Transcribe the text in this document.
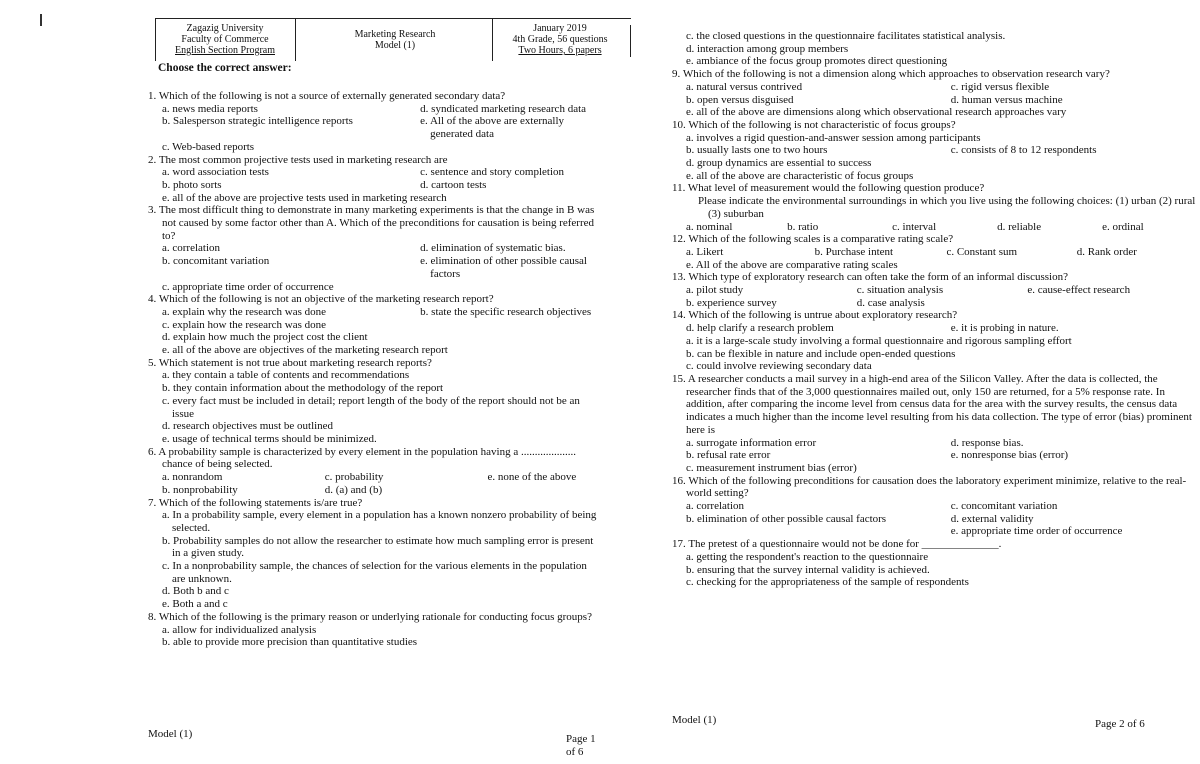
Zagazig University
Faculty of Commerce
English Section Program
Marketing Research
Model (1)
January 2019
4th Grade, 56 questions
Two Hours, 6 papers
Choose the correct answer:
1. Which of the following is not a source of externally generated secondary data?
a. news media reports	d. syndicated marketing research data
b. Salesperson strategic intelligence reports	e. All of the above are externally generated data
c. Web-based reports
2. The most common projective tests used in marketing research are
a. word association tests	c. sentence and story completion
b. photo sorts	d. cartoon tests
e. all of the above are projective tests used in marketing research
3. The most difficult thing to demonstrate in many marketing experiments is that the change in B was not caused by some factor other than A. Which of the preconditions for causation is being referred to?
a. correlation	d. elimination of systematic bias.
b. concomitant variation	e. elimination of other possible causal factors
c. appropriate time order of occurrence
4. Which of the following is not an objective of the marketing research report?
a. explain why the research was done	b. state the specific research objectives
c. explain how the research was done
d. explain how much the project cost the client
e. all of the above are objectives of the marketing research report
5. Which statement is not true about marketing research reports?
a. they contain a table of contents and recommendations
b. they contain information about the methodology of the report
c. every fact must be included in detail; report length of the body of the report should not be an issue
d. research objectives must be outlined
e. usage of technical terms should be minimized.
6. A probability sample is characterized by every element in the population having a .................... chance of being selected.
a. nonrandom	c. probability	e. none of the above
b. nonprobability	d. (a) and (b)
7. Which of the following statements is/are true?
a. In a probability sample, every element in a population has a known nonzero probability of being selected.
b. Probability samples do not allow the researcher to estimate how much sampling error is present in a given study.
c. In a nonprobability sample, the chances of selection for the various elements in the population are unknown.
d. Both b and c
e. Both a and c
8. Which of the following is the primary reason or underlying rationale for conducting focus groups?
a. allow for individualized analysis
b. able to provide more precision than quantitative studies
Model (1)	Page 1 of 6
c. the closed questions in the questionnaire facilitates statistical analysis.
d. interaction among group members
e. ambiance of the focus group promotes direct questioning
9. Which of the following is not a dimension along which approaches to observation research vary?
a. natural versus contrived	c. rigid versus flexible
b. open versus disguised	d. human versus machine
e. all of the above are dimensions along which observational research approaches vary
10. Which of the following is not characteristic of focus groups?
a. involves a rigid question-and-answer session among participants
b. usually lasts one to two hours	c. consists of 8 to 12 respondents
d. group dynamics are essential to success
e. all of the above are characteristic of focus groups
11. What level of measurement would the following question produce?
Please indicate the environmental surroundings in which you live using the following choices: (1) urban (2) rural (3) suburban
a. nominal	b. ratio	c. interval	d. reliable	e. ordinal
12. Which of the following scales is a comparative rating scale?
a. Likert	b. Purchase intent	c. Constant sum	d. Rank order
e. All of the above are comparative rating scales
13. Which type of exploratory research can often take the form of an informal discussion?
a. pilot study	c. situation analysis	e. cause-effect research
b. experience survey	d. case analysis
14. Which of the following is untrue about exploratory research?
d. help clarify a research problem	e. it is probing in nature.
a. it is a large-scale study involving a formal questionnaire and rigorous sampling effort
b. can be flexible in nature and include open-ended questions
c. could involve reviewing secondary data
15. A researcher conducts a mail survey in a high-end area of the Silicon Valley. After the data is collected, the researcher finds that of the 3,000 questionnaires mailed out, only 150 are returned, for a 5% response rate. In addition, after comparing the income level from census data for the area with the survey results, the census data indicates a much higher than the income level resulting from his data collection. The type of error (bias) prominent here is
a. surrogate information error	d. response bias.
b. refusal rate error	e. nonresponse bias (error)
c. measurement instrument bias (error)
16. Which of the following preconditions for causation does the laboratory experiment minimize, relative to the real-world setting?
a. correlation	c. concomitant variation
b. elimination of other possible causal factors	d. external validity
e. appropriate time order of occurrence
17. The pretest of a questionnaire would not be done for ______________.
a. getting the respondent's reaction to the questionnaire
b. ensuring that the survey internal validity is achieved.
c. checking for the appropriateness of the sample of respondents
Model (1)	Page 2 of 6
